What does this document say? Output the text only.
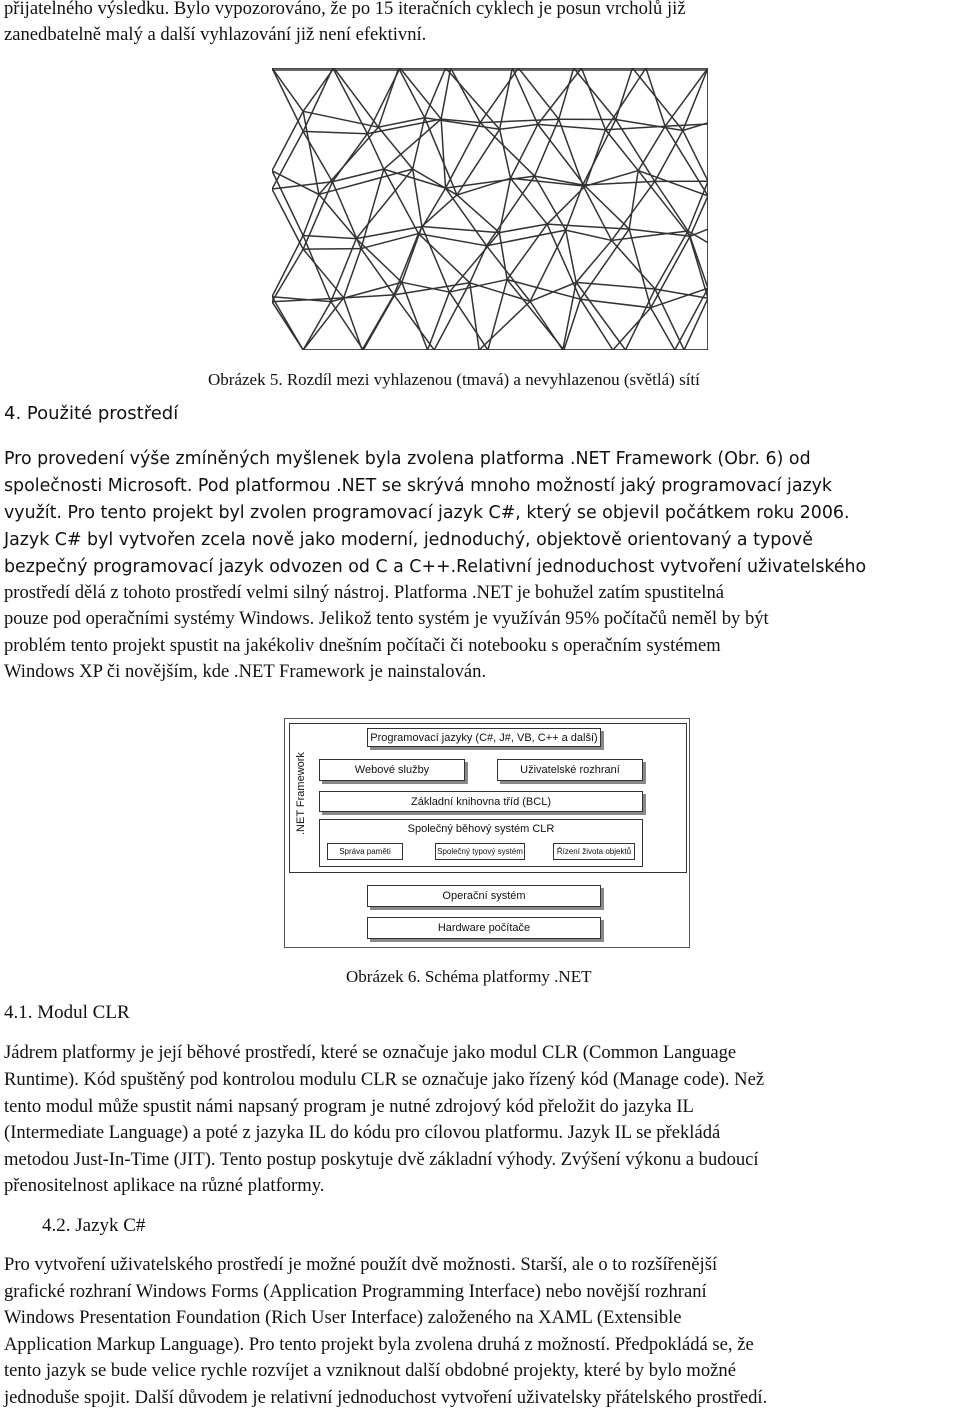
přijatelného výsledku. Bylo vypozorováno, že po 15 iteračních cyklech je posun vrcholů již

zanedbatelně malý a další vyhlazování již není efektivní.

Obrázek 5. Rozdíl mezi vyhlazenou (tmavá) a nevyhlazenou (světlá) sítí
4. Použité prostředí

Pro provedení výše zmíněných myšlenek byla zvolena platforma .NET Framework (Obr. 6) od

společnosti Microsoft. Pod platformou .NET se skrývá mnoho možností jaký programovací jazyk

využít. Pro tento projekt byl zvolen programovací jazyk C#, který se objevil počátkem roku 2006.

Jazyk C# byl vytvořen zcela nově jako moderní, jednoduchý, objektově orientovaný a typově

bezpečný programovací jazyk odvozen od C a C++.Relativní jednoduchost vytvoření uživatelského

prostředí dělá z tohoto prostředí velmi silný nástroj. Platforma .NET je bohužel zatím spustitelná

pouze pod operačními systémy Windows. Jelikož tento systém je využíván 95% počítačů neměl by být

problém tento projekt spustit na jakékoliv dnešním počítači či notebooku s operačním systémem

Windows XP či novějším, kde .NET Framework je nainstalován.

.NET Framework
Programovací jazyky (C#, J#, VB, C++ a další)
Webové služby	Uživatelské rozhraní
Základní knihovna tříd (BCL)
Společný běhový systém CLR
Správa paměti	Společný typový systém	Řízení života objektů
Operační systém
Hardware počítače
Obrázek 6. Schéma platformy .NET
4.1. Modul CLR

Jádrem platformy je její běhové prostředí, které se označuje jako modul CLR (Common Language

Runtime). Kód spuštěný pod kontrolou modulu CLR se označuje jako řízený kód (Manage code). Než

tento modul může spustit námi napsaný program je nutné zdrojový kód přeložit do jazyka IL

(Intermediate Language) a poté z jazyka IL do kódu pro cílovou platformu. Jazyk IL se překládá

metodou Just-In-Time (JIT). Tento postup poskytuje dvě základní výhody. Zvýšení výkonu a budoucí

přenositelnost aplikace na různé platformy.

4.2. Jazyk C#

Pro vytvoření uživatelského prostředí je možné použít dvě možnosti. Starší, ale o to rozšířenější

grafické rozhraní Windows Forms (Application Programming Interface) nebo novější rozhraní

Windows Presentation Foundation (Rich User Interface) založeného na XAML (Extensible

Application Markup Language). Pro tento projekt byla zvolena druhá z možností. Předpokládá se, že

tento jazyk se bude velice rychle rozvíjet a vzniknout další obdobné projekty, které by bylo možné

jednoduše spojit. Další důvodem je relativní jednoduchost vytvoření uživatelsky přátelského prostředí.
